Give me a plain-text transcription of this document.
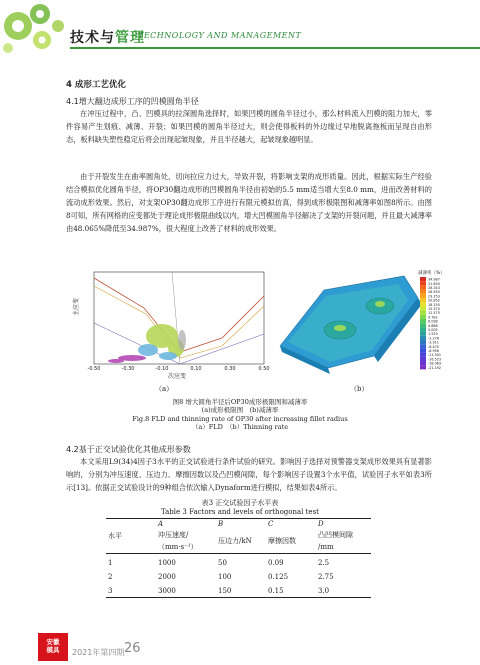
技术与管理
TECHNOLOGY AND MANAGEMENT
4 成形工艺优化
4.1增大翻边成形工序的凹模圆角半径

在冲压过程中，凸、凹模具的拉深圆角选择时，如果凹模的圆角半径过小，那么材料流入凹模的阻力加大，零件容易产生划痕、减薄、开裂；如果凹模的圆角半径过大，则会使得板料的外边缘过早地脱离拖板而呈现自由形态，板料缺失塑性稳定后将会出现起皱现象，并且半径越大，起皱现象越明显。

由于开裂发生在曲率圆角处，切向拉应力过大，导致开裂，将影响支架的成形质量。因此，根据实际生产经验结合模拟优化圆角半径，将OP30翻边成形的凹模圆角半径由初始的5.5 mm适当增大至8.0 mm，进而改善材料的流动成形效果。然后，对支架OP30翻边成形工序进行有限元模拟仿真，得到成形极限图和减薄率如图8所示。由图8可知，所有网格的应变都处于理论成形极限曲线以内，增大凹模圆角半径解决了支架的开裂问题，并且最大减薄率由48.065%降低至34.987%，很大程度上改善了材料的成形效果。

主应变
-0.50	-0.30	-0.10	0.10	0.30	0.50
次应变
（a）
减薄率（%）
34.987
31.650
28.343
26.950
23.253
20.852
18.155
15.370
12.575
9.782
6.098
4.886
0.005
1.529
-2.278
-3.911
-6.470
-8.956
-11.501
-16.523
-18.063
-21.192
（b）
图8 增大圆角半径后OP30成形极限图和减薄率
(a)成形极限图　(b)减薄率
Fig.8 FLD and thinning rate of OP30 after increasing fillet radius
（a）FLD　（b）Thinning rate
4.2基于正交试验优化其他成形参数

本文采用L9(34)4因子3水平的正交试验进行条件试验的研究。影响因子选择对预警器支架成形效果具有显著影响的，分别为冲压速度、压边力、摩擦因数以及凸凹模间隙，每个影响因子设置3个水平值，试验因子水平如表3所示[13]。依据正交试验设计的9种组合依次输入Dynaform进行模拟，结果如表4所示。

表3 正交试验因子水平表
Table 3 Factors and levels of orthogonal test
水平	A	B	C	D
	冲压速度/	压边力/kN	摩擦因数	凸凹模间隙
	（mm·s⁻¹）			/mm
1	1000	50	0.09	2.5
2	2000	100	0.125	2.75
3	3000	150	0.15	3.0
安徽
模具	2021年第四期 26
